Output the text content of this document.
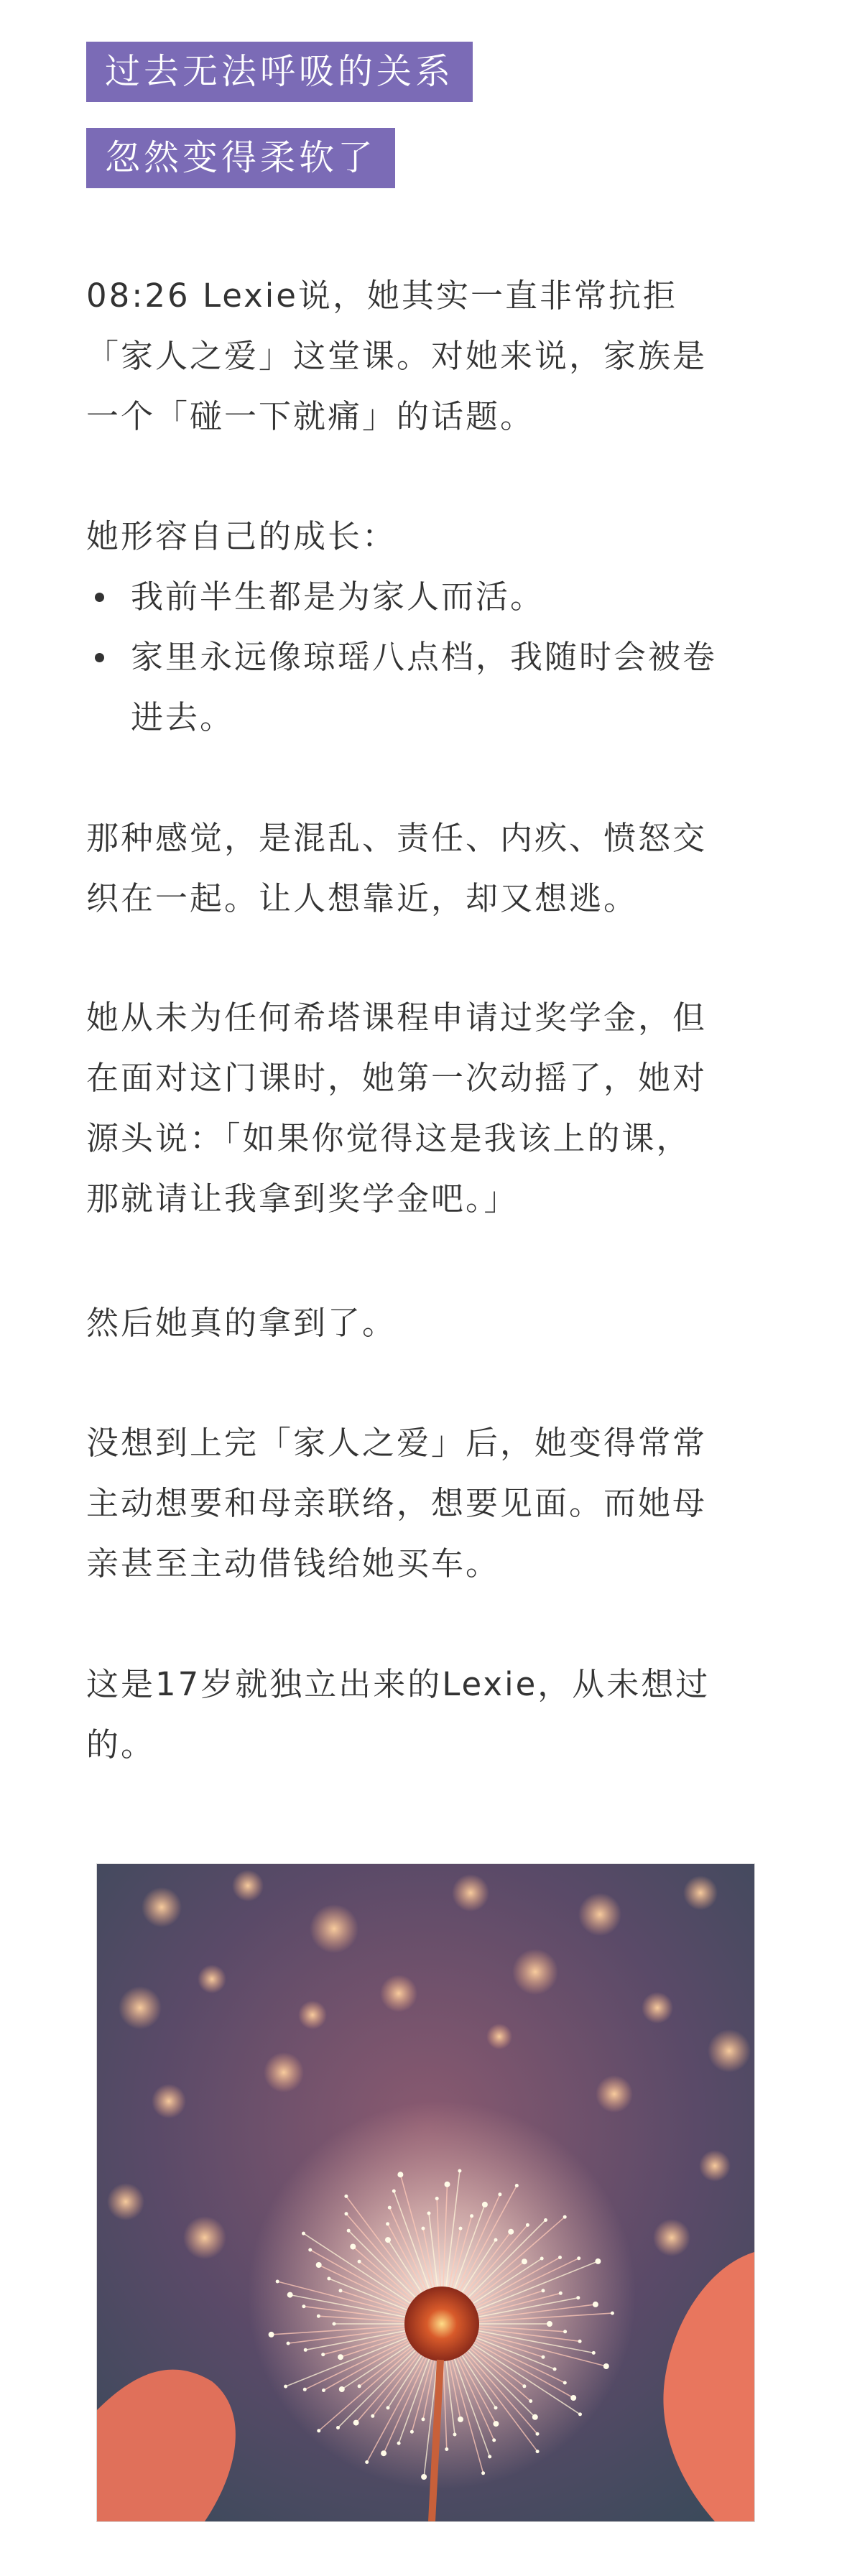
过去无法呼吸的关系
忽然变得柔软了
08:26 Lexie说，她其实一直非常抗拒
「家人之爱」这堂课。对她来说，家族是
一个「碰一下就痛」的话题。
她形容自己的成长：
我前半生都是为家人而活。
家里永远像琼瑶八点档，我随时会被卷
进去。
那种感觉，是混乱、责任、内疚、愤怒交
织在一起。让人想靠近，却又想逃。
她从未为任何希塔课程申请过奖学金，但
在面对这门课时，她第一次动摇了，她对
源头说：「如果你觉得这是我该上的课，
那就请让我拿到奖学金吧。」
然后她真的拿到了。
没想到上完「家人之爱」后，她变得常常
主动想要和母亲联络，想要见面。而她母
亲甚至主动借钱给她买车。
这是17岁就独立出来的Lexie，从未想过
的。
